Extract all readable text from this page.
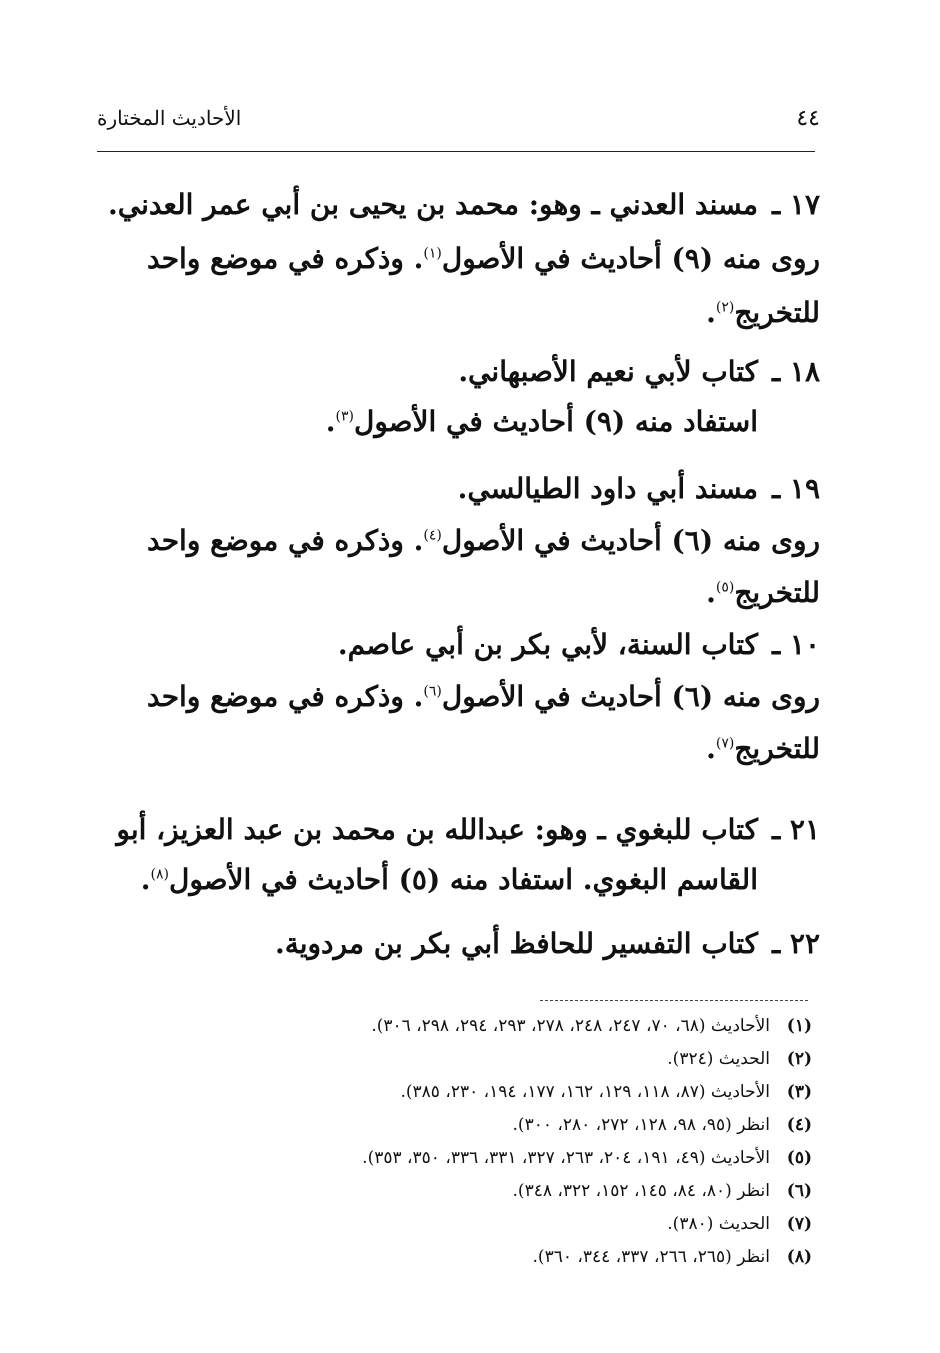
٤٤
الأحاديث المختارة
١٧ ـ
مسند العدني ـ وهو: محمد بن يحيى بن أبي عمر العدني.
روى منه (٩) أحاديث في الأصول$^{(١)}$. وذكره في موضع واحد
للتخريج$^{(٢)}$.
١٨ ـ
كتاب لأبي نعيم الأصبهاني.
استفاد منه (٩) أحاديث في الأصول$^{(٣)}$.
١٩ ـ
مسند أبي داود الطيالسي.
روى منه (٦) أحاديث في الأصول$^{(٤)}$. وذكره في موضع واحد
للتخريج$^{(٥)}$.
١٠ ـ
كتاب السنة، لأبي بكر بن أبي عاصم.
روى منه (٦) أحاديث في الأصول$^{(٦)}$. وذكره في موضع واحد
للتخريج$^{(٧)}$.
٢١ ـ
كتاب للبغوي ـ وهو: عبدالله بن محمد بن عبد العزيز، أبو
القاسم البغوي. استفاد منه (٥) أحاديث في الأصول$^{(٨)}$.
٢٢ ـ
كتاب التفسير للحافظ أبي بكر بن مردوية.
(١)
الأحاديث (٦٨، ٧٠، ٢٤٧، ٢٤٨، ٢٧٨، ٢٩٣، ٢٩٤، ٢٩٨، ٣٠٦).
(٢)
الحديث (٣٢٤).
(٣)
الأحاديث (٨٧، ١١٨، ١٢٩، ١٦٢، ١٧٧، ١٩٤، ٢٣٠، ٣٨٥).
(٤)
انظر (٩٥، ٩٨، ١٢٨، ٢٧٢، ٢٨٠، ٣٠٠).
(٥)
الأحاديث (٤٩، ١٩١، ٢٠٤، ٢٦٣، ٣٢٧، ٣٣١، ٣٣٦، ٣٥٠، ٣٥٣).
(٦)
انظر (٨٠، ٨٤، ١٤٥، ١٥٢، ٣٢٢، ٣٤٨).
(٧)
الحديث (٣٨٠).
(٨)
انظر (٢٦٥، ٢٦٦، ٣٣٧، ٣٤٤، ٣٦٠).
